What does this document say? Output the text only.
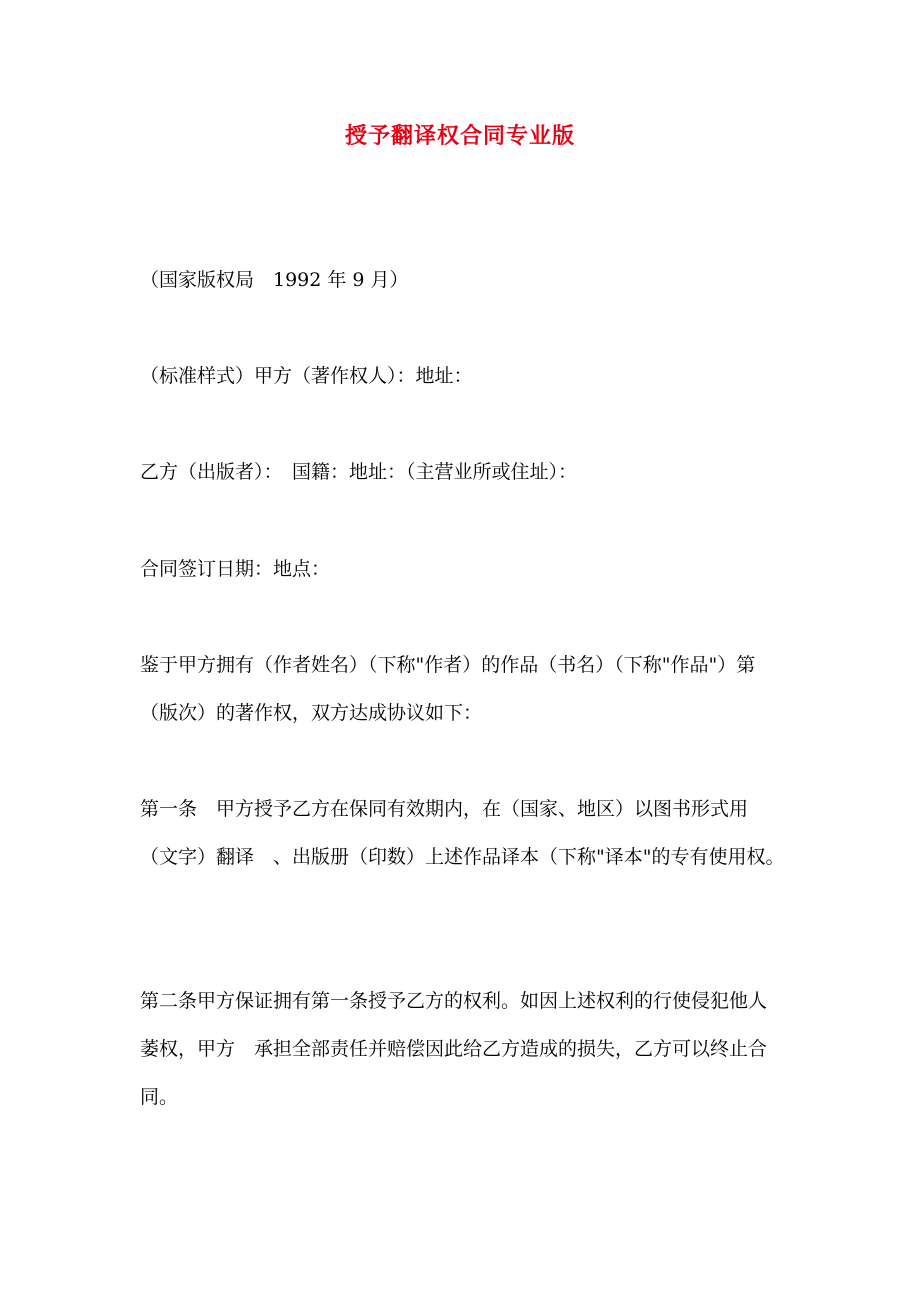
授予翻译权合同专业版

（国家版权局　1992 年 9 月）

（标准样式）甲方（著作权人）：地址：

乙方（出版者）：　国籍：地址：（主营业所或住址）：

合同签订日期：地点：

鉴于甲方拥有（作者姓名）（下称"作者）的作品（书名）（下称"作品"）第（版次）的著作权，双方达成协议如下：

第一条　甲方授予乙方在保同有效期内，在（国家、地区）以图书形式用（文字）翻译　、出版册（印数）上述作品译本（下称"译本"的专有使用权。

第二条甲方保证拥有第一条授予乙方的权利。如因上述权利的行使侵犯他人萎权，甲方　承担全部责任并赔偿因此给乙方造成的损失，乙方可以终止合同。
